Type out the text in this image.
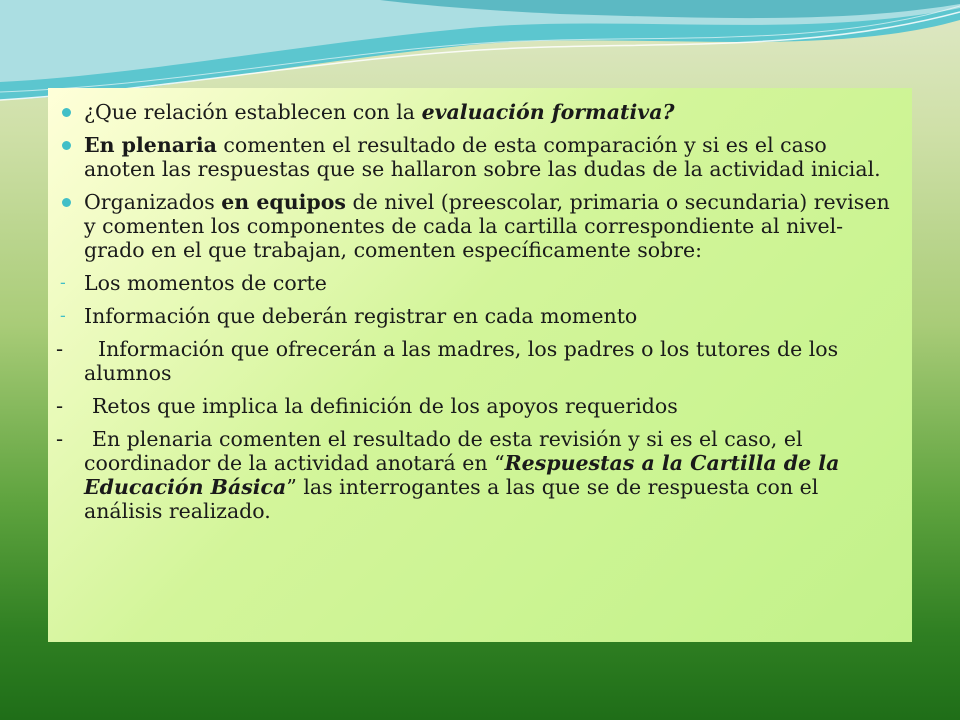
¿Que relación establecen con la evaluación formativa?
En plenaria comenten el resultado de esta comparación y si es el caso anoten las respuestas que se hallaron sobre las dudas de la actividad inicial.
Organizados en equipos de nivel (preescolar, primaria o secundaria) revisen y comenten los componentes de cada la cartilla correspondiente al nivel-grado en el que trabajan, comenten específicamente sobre:
- Los momentos de corte
- Información que deberán registrar en cada momento
- Información que ofrecerán a las madres, los padres o los tutores de los alumnos
- Retos que implica la definición de los apoyos requeridos
- En plenaria comenten el resultado de esta revisión y si es el caso, el coordinador de la actividad anotará en “Respuestas a la Cartilla de la Educación Básica” las interrogantes a las que se de respuesta con el análisis realizado.
